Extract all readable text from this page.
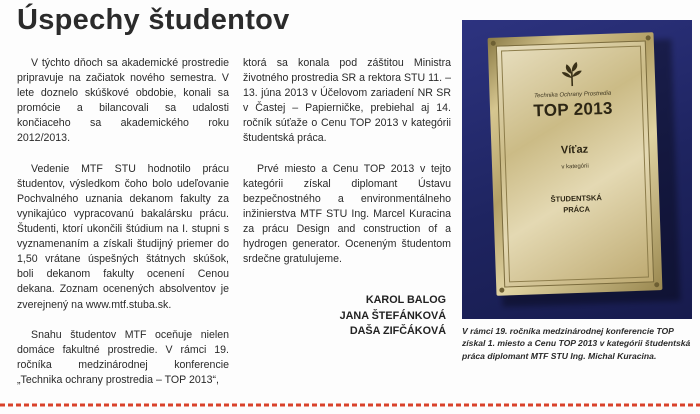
Úspechy študentov

V týchto dňoch sa akademické prostredie pripravuje na začiatok nového semestra. V lete doznelo skúškové obdobie, konali sa promócie a bilancovali sa udalosti končiaceho sa akademického roku 2012/2013.

Vedenie MTF STU hodnotilo prácu študentov, výsledkom čoho bolo udeľovanie Pochvalného uznania dekanom fakulty za vynikajúco vypracovanú bakalársku prácu. Študenti, ktorí ukončili štúdium na I. stupni s vyznamenaním a získali študijný priemer do 1,50 vrátane úspešných štátnych skúšok, boli dekanom fakulty ocenení Cenou dekana. Zoznam ocenených absolventov je zverejnený na www.mtf.stuba.sk.

Snahu študentov MTF oceňuje nielen domáce fakultné prostredie. V rámci 19. ročníka medzinárodnej konferencie „Technika ochrany prostredia – TOP 2013“,

ktorá sa konala pod záštitou Ministra životného prostredia SR a rektora STU 11. – 13. júna 2013 v Účelovom zariadení NR SR v Častej – Papierničke, prebiehal aj 14. ročník súťaže o Cenu TOP 2013 v kategórii študentská práca.

Prvé miesto a Cenu TOP 2013 v tejto kategórii získal diplomant Ústavu bezpečnostného a environmentálneho inžinierstva MTF STU Ing. Marcel Kuracina za prácu Design and construction of a hydrogen generator. Oceneným študentom srdečne gratulujeme.

KAROL BALOG
JANA ŠTEFÁNKOVÁ
DAŠA ZIFČÁKOVÁ
Technika Ochrany Prostredia
TOP 2013
Víťaz
v kategórii
ŠTUDENTSKÁ
PRÁCA

V rámci 19. ročníka medzinárodnej konferencie TOP získal 1. miesto a Cenu TOP 2013 v kategórii študentská práca diplomant MTF STU Ing. Michal Kuracina.
